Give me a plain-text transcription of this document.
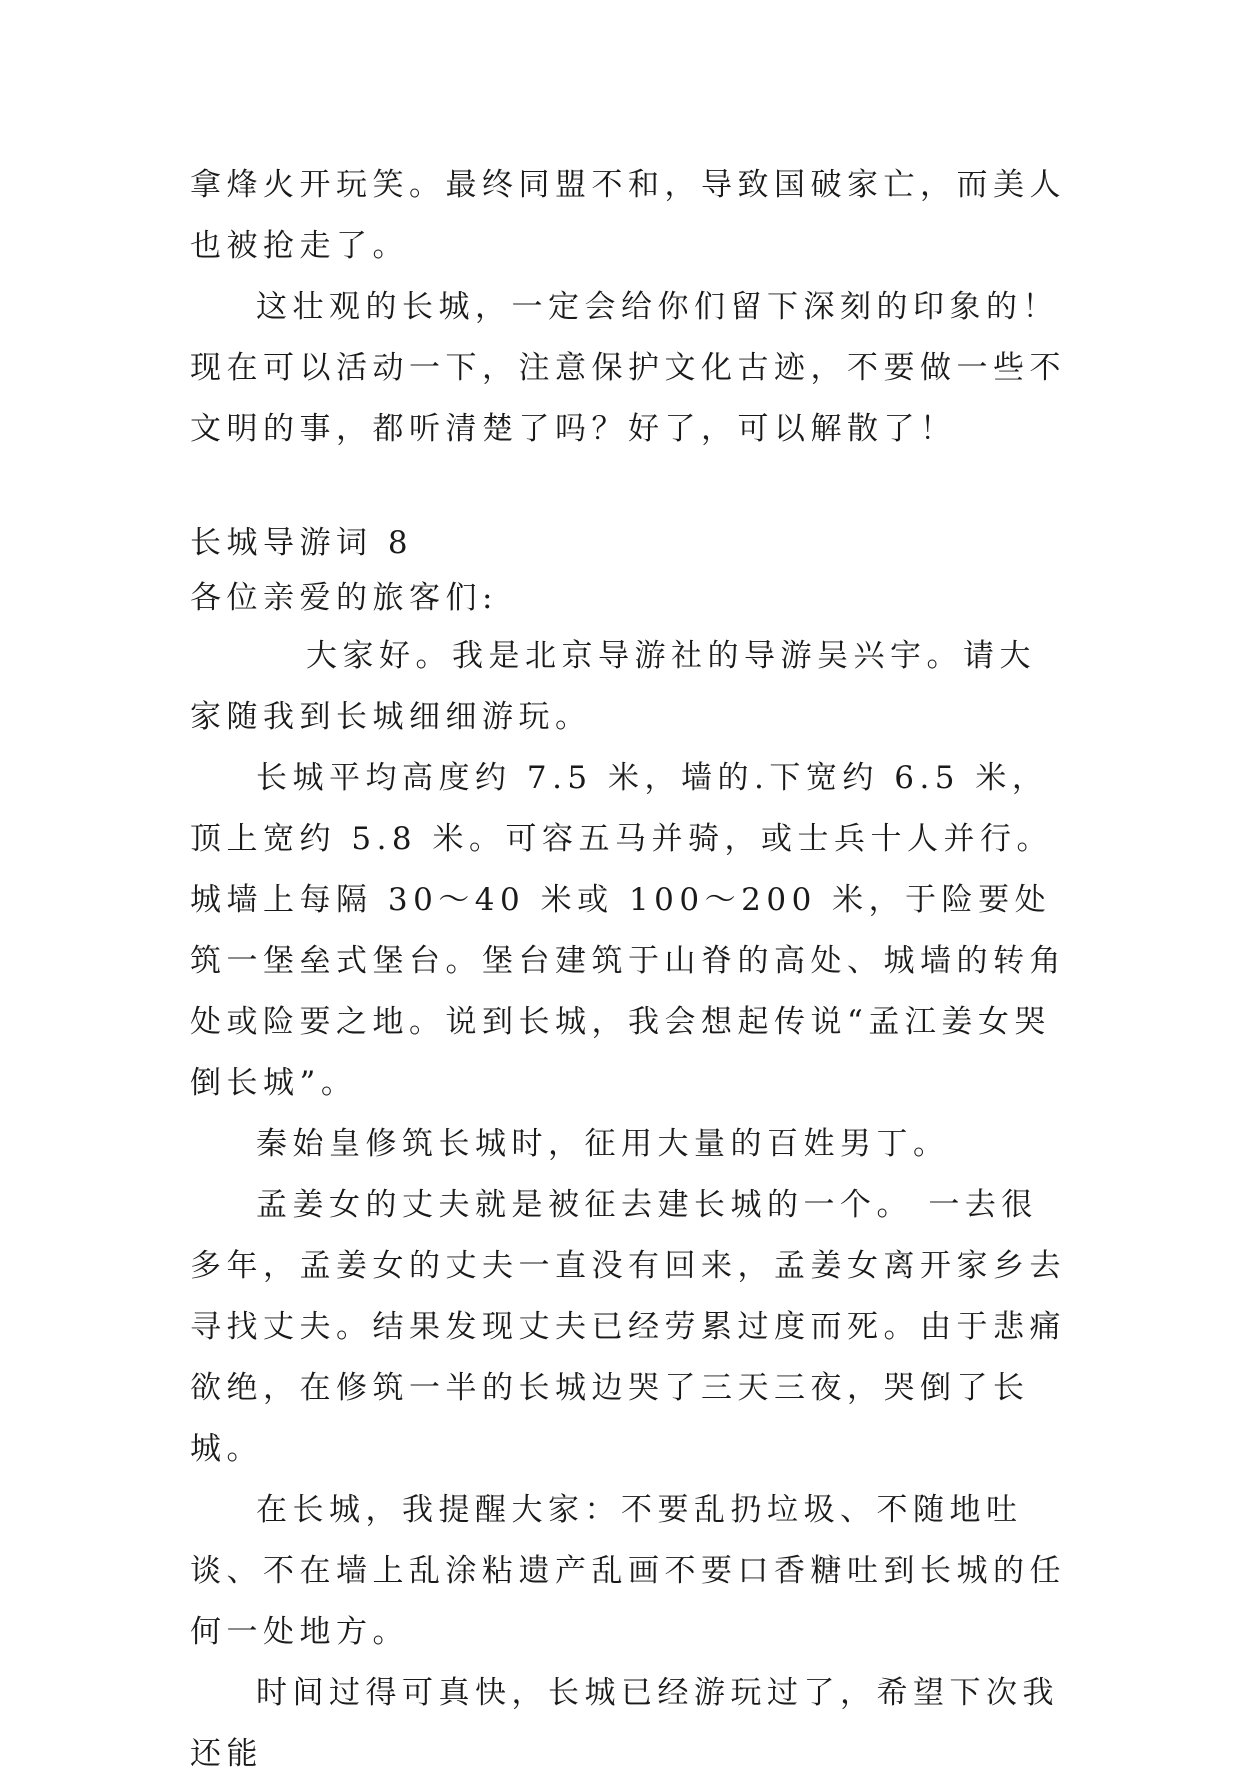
拿烽火开玩笑。最终同盟不和，导致国破家亡，而美人也被抢走了。

这壮观的长城，一定会给你们留下深刻的印象的！现在可以活动一下，注意保护文化古迹，不要做一些不文明的事，都听清楚了吗？好了，可以解散了！

长城导游词 8

各位亲爱的旅客们:

大家好。我是北京导游社的导游吴兴宇。请大家随我到长城细细游玩。

长城平均高度约 7.5 米，墙的.下宽约 6.5 米，顶上宽约 5.8 米。可容五马并骑，或士兵十人并行。城墙上每隔 30～40 米或 100～200 米，于险要处筑一堡垒式堡台。堡台建筑于山脊的高处、城墙的转角处或险要之地。说到长城，我会想起传说“孟江姜女哭倒长城”。

秦始皇修筑长城时，征用大量的百姓男丁。

孟姜女的丈夫就是被征去建长城的一个。 一去很多年，孟姜女的丈夫一直没有回来，孟姜女离开家乡去寻找丈夫。结果发现丈夫已经劳累过度而死。由于悲痛欲绝，在修筑一半的长城边哭了三天三夜，哭倒了长城。

在长城，我提醒大家：不要乱扔垃圾、不随地吐谈、不在墙上乱涂粘遗产乱画不要口香糖吐到长城的任何一处地方。

时间过得可真快，长城已经游玩过了，希望下次我还能
